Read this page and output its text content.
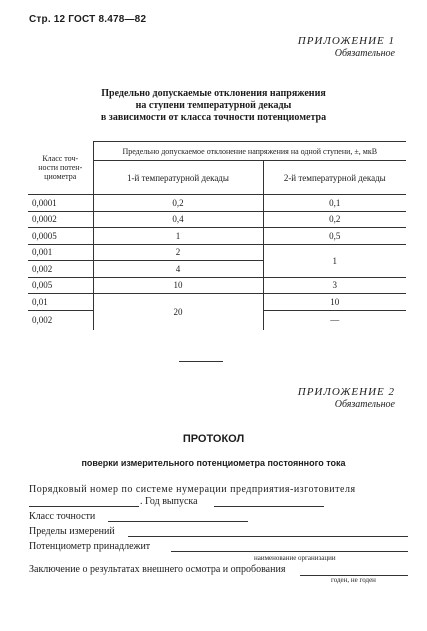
Стр. 12 ГОСТ 8.478—82
ПРИЛОЖЕНИЕ 1
Обязательное
Предельно допускаемые отклонения напряжения
на ступени температурной декады
в зависимости от класса точности потенциометра
Класс точ-
ности потен-
циометра	Предельно допускаемое отклонение напряжения на одной ступени, ±, мкВ	
	1-й температурной декады	2-й температурной декады
0,0001	0,2	0,1
0,0002	0,4	0,2
0,0005	1	0,5
0,001	2	1
0,002	4	
0,005	10	3
0,01	20	10
0,002		—
ПРИЛОЖЕНИЕ 2
Обязательное
ПРОТОКОЛ
поверки измерительного потенциометра постоянного тока
Порядковый номер по системе нумерации предприятия-изготовителя
. Год выпуска
Класс точности
Пределы измерений
Потенциометр принадлежит
наименование организации
Заключение о результатах внешнего осмотра и опробования
годен, не годен
